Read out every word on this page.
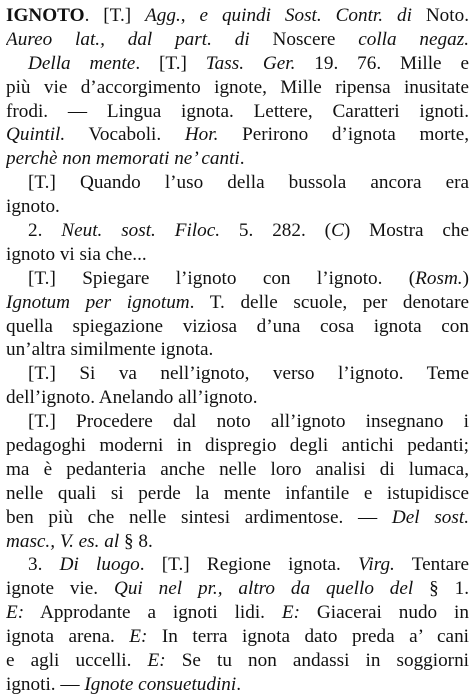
IGNOTO. [T.] Agg., e quindi Sost. Contr. di Noto.
Aureo lat., dal part. di Noscere colla negaz.
Della mente. [T.] Tass. Ger. 19. 76. Mille e
più vie d’accorgimento ignote, Mille ripensa inusitate
frodi. — Lingua ignota. Lettere, Caratteri ignoti.
Quintil. Vocaboli. Hor. Perirono d’ignota morte,
perchè non memorati ne’ canti.
[T.] Quando l’uso della bussola ancora era
ignoto.
2. Neut. sost. Filoc. 5. 282. (C) Mostra che
ignoto vi sia che...
[T.] Spiegare l’ignoto con l’ignoto. (Rosm.)
Ignotum per ignotum. T. delle scuole, per denotare
quella spiegazione viziosa d’una cosa ignota con
un’altra similmente ignota.
[T.] Si va nell’ignoto, verso l’ignoto. Teme
dell’ignoto. Anelando all’ignoto.
[T.] Procedere dal noto all’ignoto insegnano i
pedagoghi moderni in dispregio degli antichi pedanti;
ma è pedanteria anche nelle loro analisi di lumaca,
nelle quali si perde la mente infantile e istupidisce
ben più che nelle sintesi ardimentose. — Del sost.
masc., V. es. al § 8.
3. Di luogo. [T.] Regione ignota. Virg. Tentare
ignote vie. Qui nel pr., altro da quello del § 1.
E: Approdante a ignoti lidi. E: Giacerai nudo in
ignota arena. E: In terra ignota dato preda a’ cani
e agli uccelli. E: Se tu non andassi in soggiorni
ignoti. — Ignote consuetudini.
